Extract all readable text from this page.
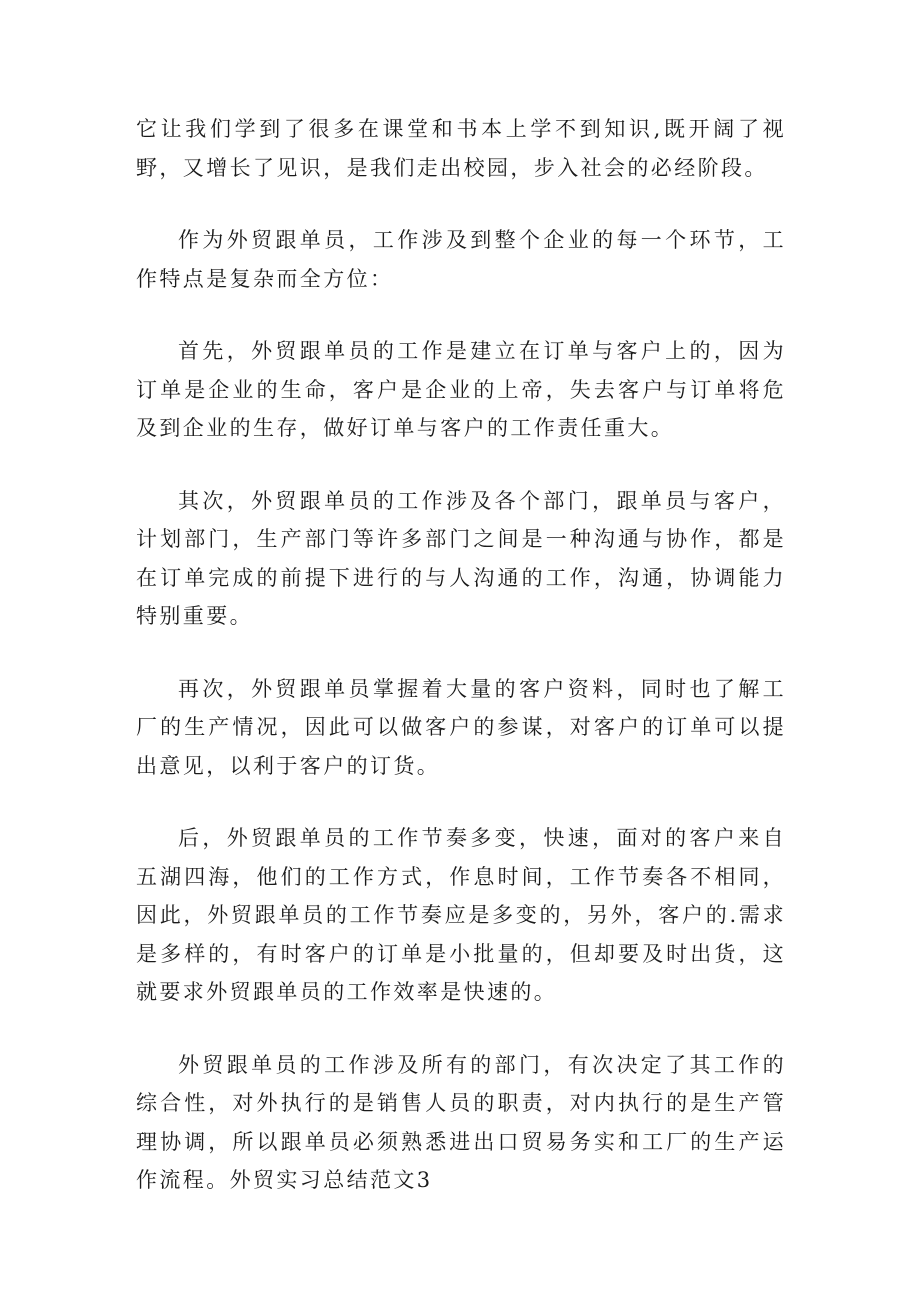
它让我们学到了很多在课堂和书本上学不到知识,既开阔了视野，又增长了见识，是我们走出校园，步入社会的必经阶段。

作为外贸跟单员，工作涉及到整个企业的每一个环节，工作特点是复杂而全方位：

首先，外贸跟单员的工作是建立在订单与客户上的，因为订单是企业的生命，客户是企业的上帝，失去客户与订单将危及到企业的生存，做好订单与客户的工作责任重大。

其次，外贸跟单员的工作涉及各个部门，跟单员与客户，计划部门，生产部门等许多部门之间是一种沟通与协作，都是在订单完成的前提下进行的与人沟通的工作，沟通，协调能力特别重要。

再次，外贸跟单员掌握着大量的客户资料，同时也了解工厂的生产情况，因此可以做客户的参谋，对客户的订单可以提出意见，以利于客户的订货。

后，外贸跟单员的工作节奏多变，快速，面对的客户来自五湖四海，他们的工作方式，作息时间，工作节奏各不相同，因此，外贸跟单员的工作节奏应是多变的，另外，客户的.需求是多样的，有时客户的订单是小批量的，但却要及时出货，这就要求外贸跟单员的工作效率是快速的。

外贸跟单员的工作涉及所有的部门，有次决定了其工作的综合性，对外执行的是销售人员的职责，对内执行的是生产管理协调，所以跟单员必须熟悉进出口贸易务实和工厂的生产运作流程。外贸实习总结范文3
